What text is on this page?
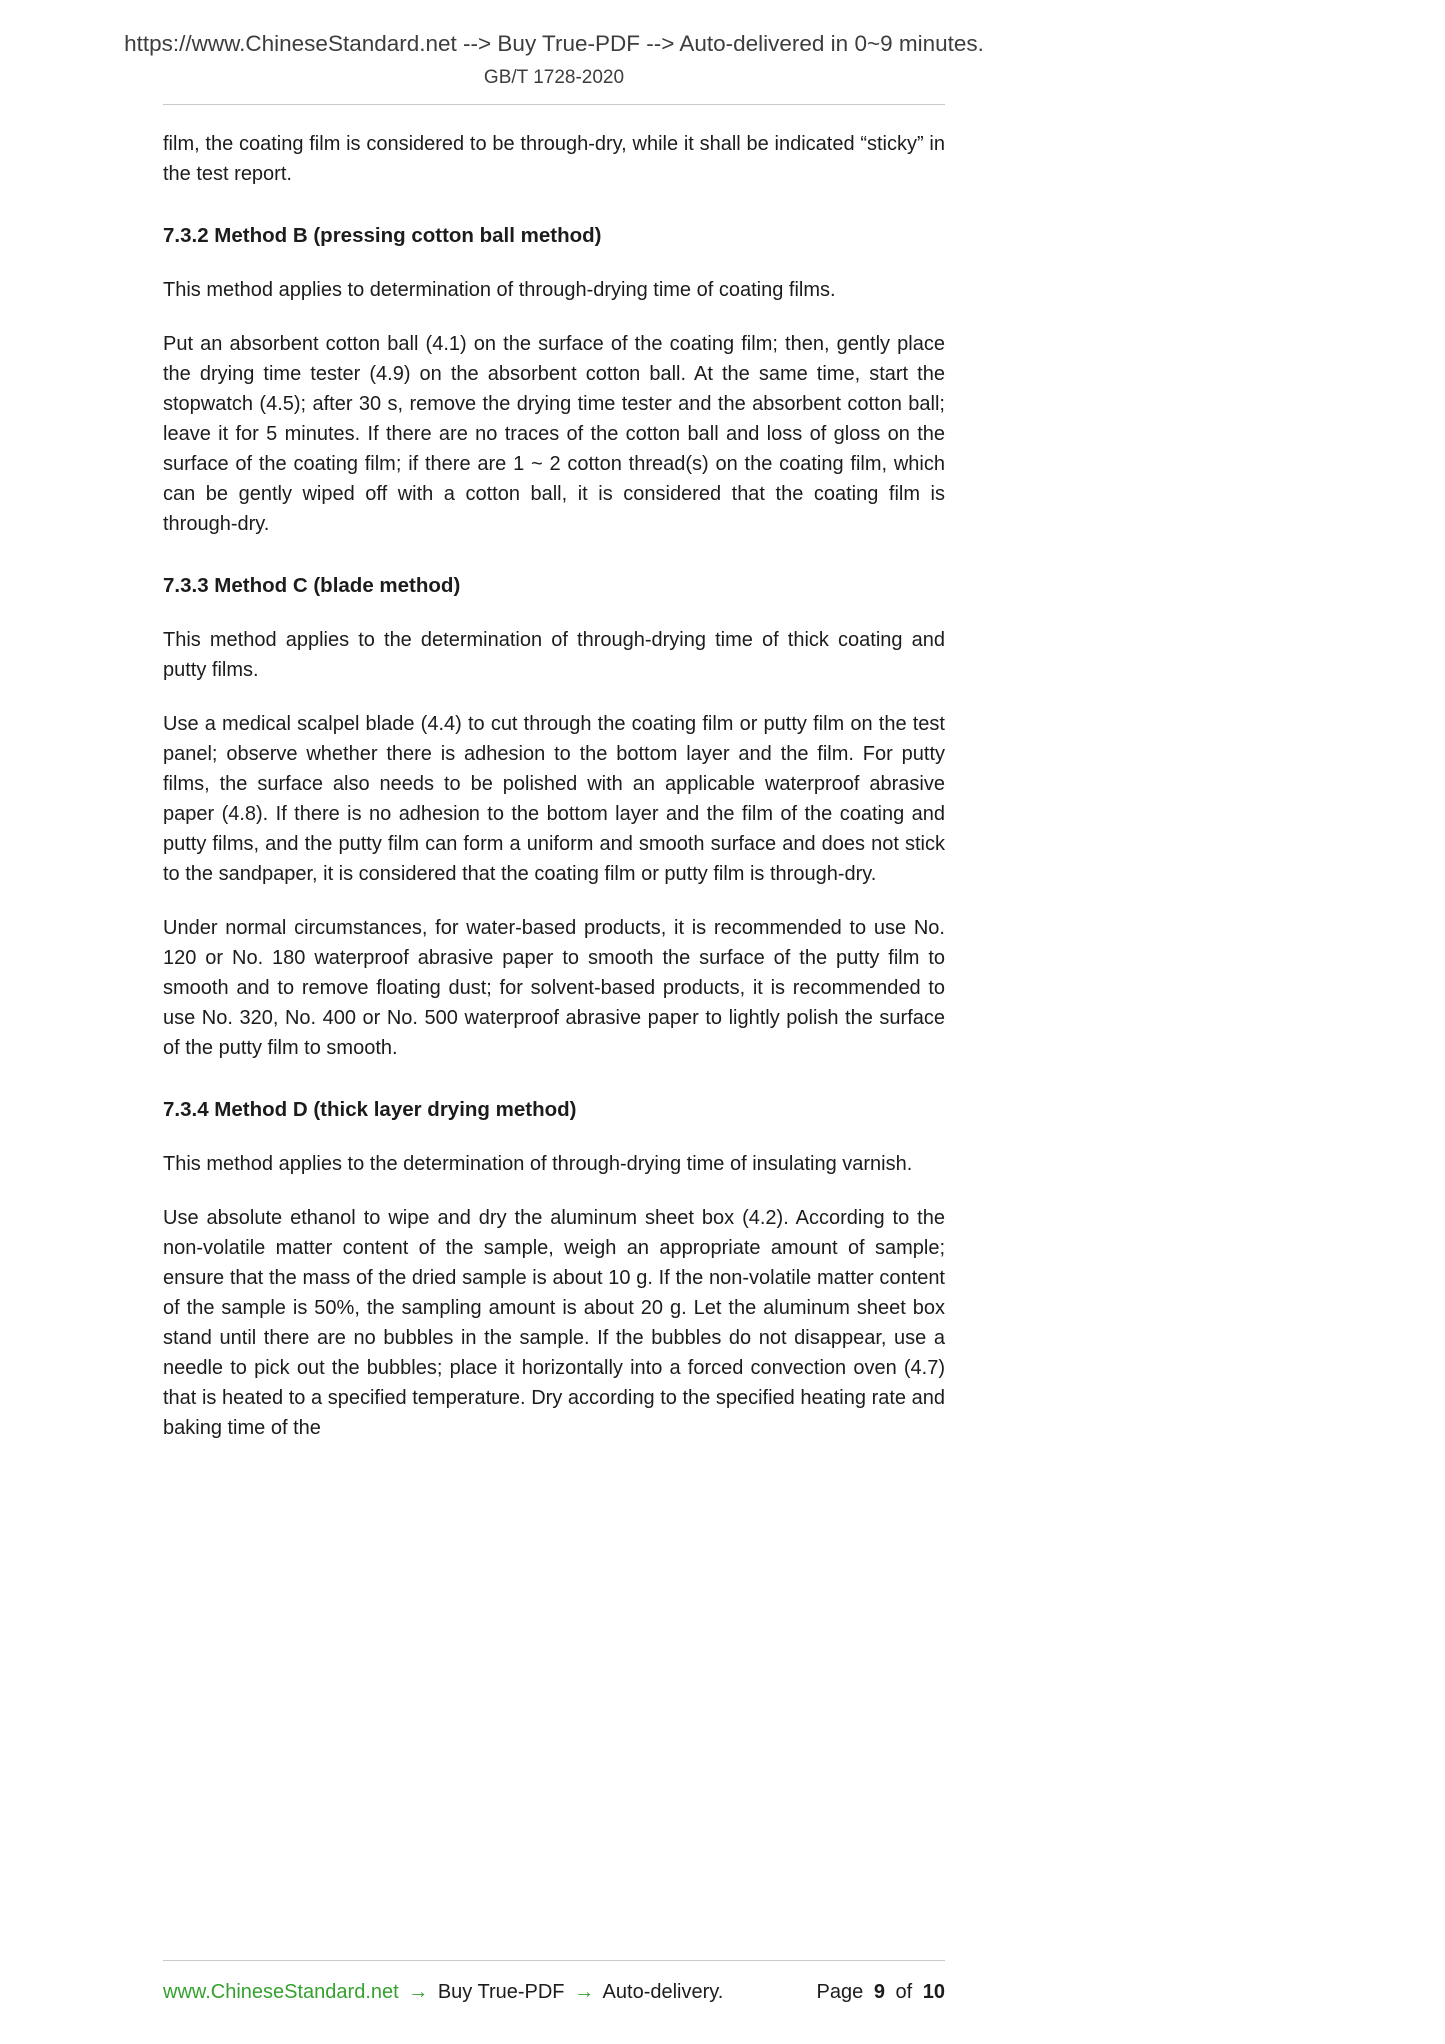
https://www.ChineseStandard.net --> Buy True-PDF --> Auto-delivered in 0~9 minutes.
GB/T 1728-2020

film, the coating film is considered to be through-dry, while it shall be indicated “sticky” in the test report.

7.3.2 Method B (pressing cotton ball method)

This method applies to determination of through-drying time of coating films.

Put an absorbent cotton ball (4.1) on the surface of the coating film; then, gently place the drying time tester (4.9) on the absorbent cotton ball. At the same time, start the stopwatch (4.5); after 30 s, remove the drying time tester and the absorbent cotton ball; leave it for 5 minutes. If there are no traces of the cotton ball and loss of gloss on the surface of the coating film; if there are 1 ~ 2 cotton thread(s) on the coating film, which can be gently wiped off with a cotton ball, it is considered that the coating film is through-dry.

7.3.3 Method C (blade method)

This method applies to the determination of through-drying time of thick coating and putty films.

Use a medical scalpel blade (4.4) to cut through the coating film or putty film on the test panel; observe whether there is adhesion to the bottom layer and the film. For putty films, the surface also needs to be polished with an applicable waterproof abrasive paper (4.8). If there is no adhesion to the bottom layer and the film of the coating and putty films, and the putty film can form a uniform and smooth surface and does not stick to the sandpaper, it is considered that the coating film or putty film is through-dry.

Under normal circumstances, for water-based products, it is recommended to use No. 120 or No. 180 waterproof abrasive paper to smooth the surface of the putty film to smooth and to remove floating dust; for solvent-based products, it is recommended to use No. 320, No. 400 or No. 500 waterproof abrasive paper to lightly polish the surface of the putty film to smooth.

7.3.4 Method D (thick layer drying method)

This method applies to the determination of through-drying time of insulating varnish.

Use absolute ethanol to wipe and dry the aluminum sheet box (4.2). According to the non-volatile matter content of the sample, weigh an appropriate amount of sample; ensure that the mass of the dried sample is about 10 g. If the non-volatile matter content of the sample is 50%, the sampling amount is about 20 g. Let the aluminum sheet box stand until there are no bubbles in the sample. If the bubbles do not disappear, use a needle to pick out the bubbles; place it horizontally into a forced convection oven (4.7) that is heated to a specified temperature. Dry according to the specified heating rate and baking time of the

www.ChineseStandard.net → Buy True-PDF → Auto-delivery.	Page 9 of 10
